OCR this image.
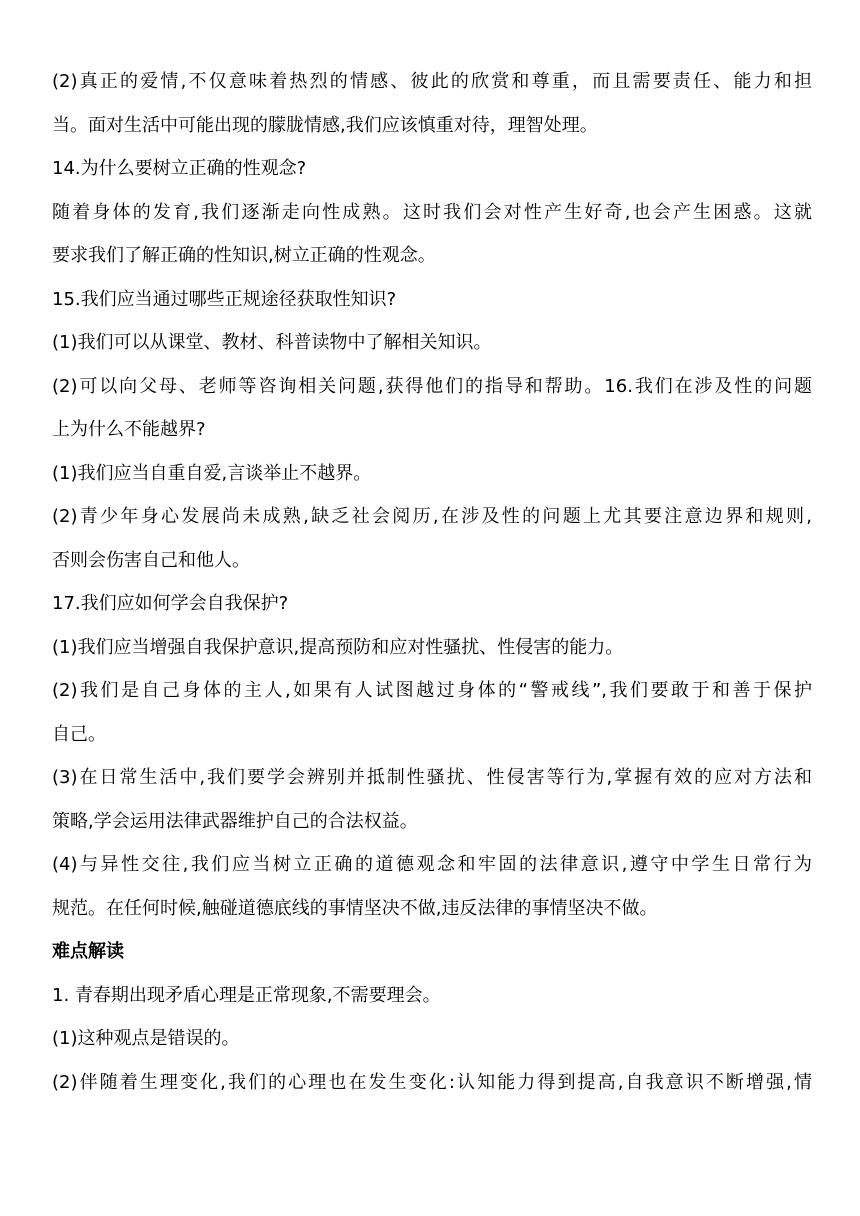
(2)真正的爱情,不仅意味着热烈的情感、彼此的欣赏和尊重，而且需要责任、能力和担
当。面对生活中可能出现的朦胧情感,我们应该慎重对待，理智处理。
14.为什么要树立正确的性观念?
随着身体的发育,我们逐渐走向性成熟。这时我们会对性产生好奇,也会产生困惑。这就
要求我们了解正确的性知识,树立正确的性观念。
15.我们应当通过哪些正规途径获取性知识?
(1)我们可以从课堂、教材、科普读物中了解相关知识。
(2)可以向父母、老师等咨询相关问题,获得他们的指导和帮助。16.我们在涉及性的问题
上为什么不能越界?
(1)我们应当自重自爱,言谈举止不越界。
(2)青少年身心发展尚未成熟,缺乏社会阅历,在涉及性的问题上尤其要注意边界和规则,
否则会伤害自己和他人。
17.我们应如何学会自我保护?
(1)我们应当增强自我保护意识,提高预防和应对性骚扰、性侵害的能力。
(2)我们是自己身体的主人,如果有人试图越过身体的“警戒线”,我们要敢于和善于保护
自己。
(3)在日常生活中,我们要学会辨别并抵制性骚扰、性侵害等行为,掌握有效的应对方法和
策略,学会运用法律武器维护自己的合法权益。
(4)与异性交往,我们应当树立正确的道德观念和牢固的法律意识,遵守中学生日常行为
规范。在任何时候,触碰道德底线的事情坚决不做,违反法律的事情坚决不做。
难点解读
1. 青春期出现矛盾心理是正常现象,不需要理会。
(1)这种观点是错误的。
(2)伴随着生理变化,我们的心理也在发生变化:认知能力得到提高,自我意识不断增强,情
